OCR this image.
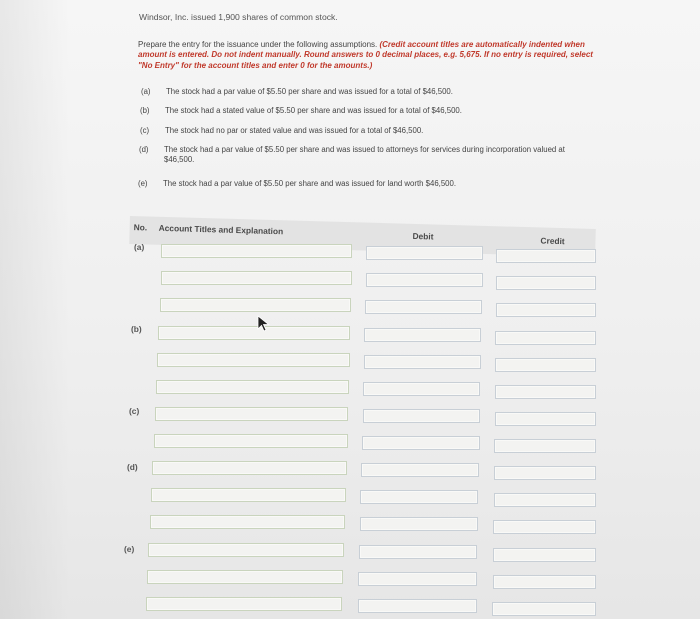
Windsor, Inc. issued 1,900 shares of common stock.
Prepare the entry for the issuance under the following assumptions. (Credit account titles are automatically indented when amount is entered. Do not indent manually. Round answers to 0 decimal places, e.g. 5,675. If no entry is required, select "No Entry" for the account titles and enter 0 for the amounts.)
(a)	The stock had a par value of $5.50 per share and was issued for a total of $46,500.
(b)	The stock had a stated value of $5.50 per share and was issued for a total of $46,500.
(c)	The stock had no par or stated value and was issued for a total of $46,500.
(d)	The stock had a par value of $5.50 per share and was issued to attorneys for services during incorporation valued at $46,500.
(e)	The stock had a par value of $5.50 per share and was issued for land worth $46,500.
No. Account Titles and Explanation	Debit	Credit
(a)
(b)
(c)
(d)
(e)
